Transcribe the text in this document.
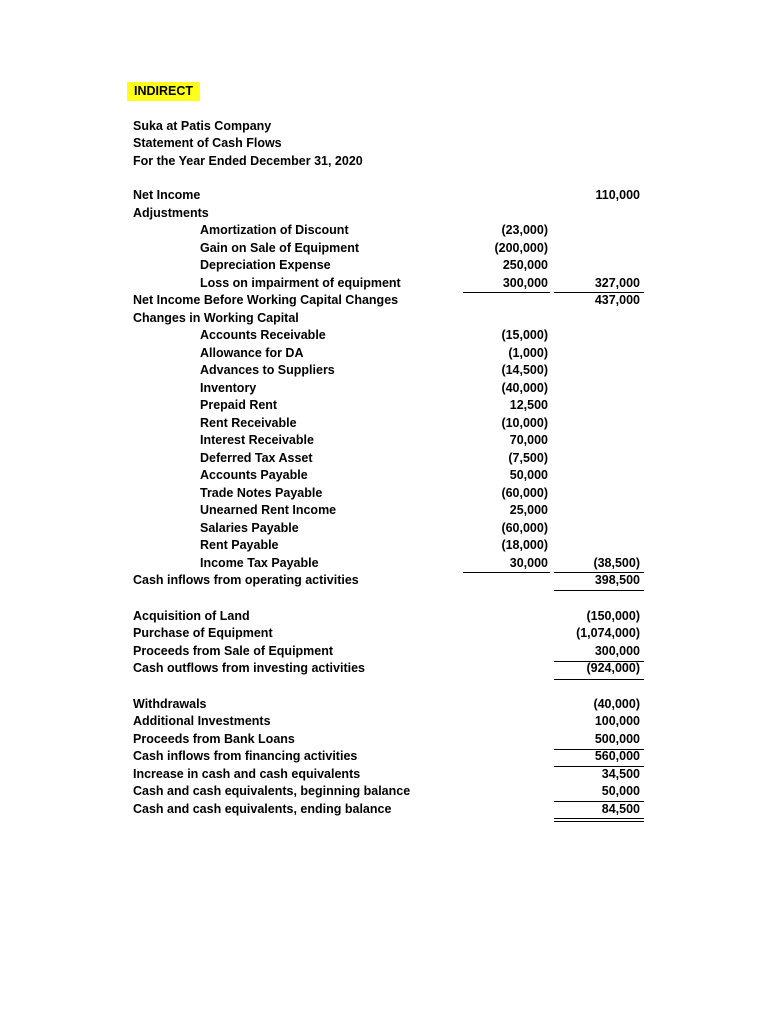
INDIRECT
Suka at Patis Company
Statement of Cash Flows
For the Year Ended December 31, 2020
Net Income	110,000
Adjustments
Amortization of Discount	(23,000)
Gain on Sale of Equipment	(200,000)
Depreciation Expense	250,000
Loss on impairment of equipment	300,000	327,000
Net Income Before Working Capital Changes	437,000
Changes in Working Capital
Accounts Receivable	(15,000)
Allowance for DA	(1,000)
Advances to Suppliers	(14,500)
Inventory	(40,000)
Prepaid Rent	12,500
Rent Receivable	(10,000)
Interest Receivable	70,000
Deferred Tax Asset	(7,500)
Accounts Payable	50,000
Trade Notes Payable	(60,000)
Unearned Rent Income	25,000
Salaries Payable	(60,000)
Rent Payable	(18,000)
Income Tax Payable	30,000	(38,500)
Cash inflows from operating activities	398,500
Acquisition of Land	(150,000)
Purchase of Equipment	(1,074,000)
Proceeds from Sale of Equipment	300,000
Cash outflows from investing activities	(924,000)
Withdrawals	(40,000)
Additional Investments	100,000
Proceeds from Bank Loans	500,000
Cash inflows from financing activities	560,000
Increase in cash and cash equivalents	34,500
Cash and cash equivalents, beginning balance	50,000
Cash and cash equivalents, ending balance	84,500
